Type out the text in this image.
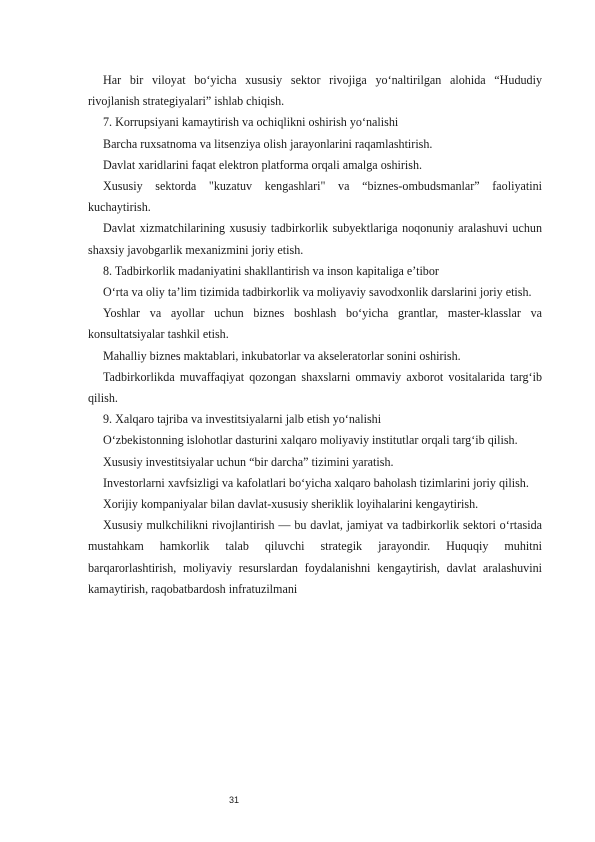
Har bir viloyat bo‘yicha xususiy sektor rivojiga yo‘naltirilgan alohida “Hududiy rivojlanish strategiyalari” ishlab chiqish.

7. Korrupsiyani kamaytirish va ochiqlikni oshirish yo‘nalishi

Barcha ruxsatnoma va litsenziya olish jarayonlarini raqamlashtirish.

Davlat xaridlarini faqat elektron platforma orqali amalga oshirish.

Xususiy sektorda "kuzatuv kengashlari" va “biznes-ombudsmanlar” faoliyatini kuchaytirish.

Davlat xizmatchilarining xususiy tadbirkorlik subyektlariga noqonuniy aralashuvi uchun shaxsiy javobgarlik mexanizmini joriy etish.

8. Tadbirkorlik madaniyatini shakllantirish va inson kapitaliga e’tibor

O‘rta va oliy ta’lim tizimida tadbirkorlik va moliyaviy savodxonlik darslarini joriy etish.

Yoshlar va ayollar uchun biznes boshlash bo‘yicha grantlar, master-klasslar va konsultatsiyalar tashkil etish.

Mahalliy biznes maktablari, inkubatorlar va akseleratorlar sonini oshirish.

Tadbirkorlikda muvaffaqiyat qozongan shaxslarni ommaviy axborot vositalarida targ‘ib qilish.

9. Xalqaro tajriba va investitsiyalarni jalb etish yo‘nalishi

O‘zbekistonning islohotlar dasturini xalqaro moliyaviy institutlar orqali targ‘ib qilish.

Xususiy investitsiyalar uchun “bir darcha” tizimini yaratish.

Investorlarni xavfsizligi va kafolatlari bo‘yicha xalqaro baholash tizimlarini joriy qilish.

Xorijiy kompaniyalar bilan davlat-xususiy sheriklik loyihalarini kengaytirish.

Xususiy mulkchilikni rivojlantirish — bu davlat, jamiyat va tadbirkorlik sektori o‘rtasida mustahkam hamkorlik talab qiluvchi strategik jarayondir. Huquqiy muhitni barqarorlashtirish, moliyaviy resurslardan foydalanishni kengaytirish, davlat aralashuvini kamaytirish, raqobatbardosh infratuzilmani

31
